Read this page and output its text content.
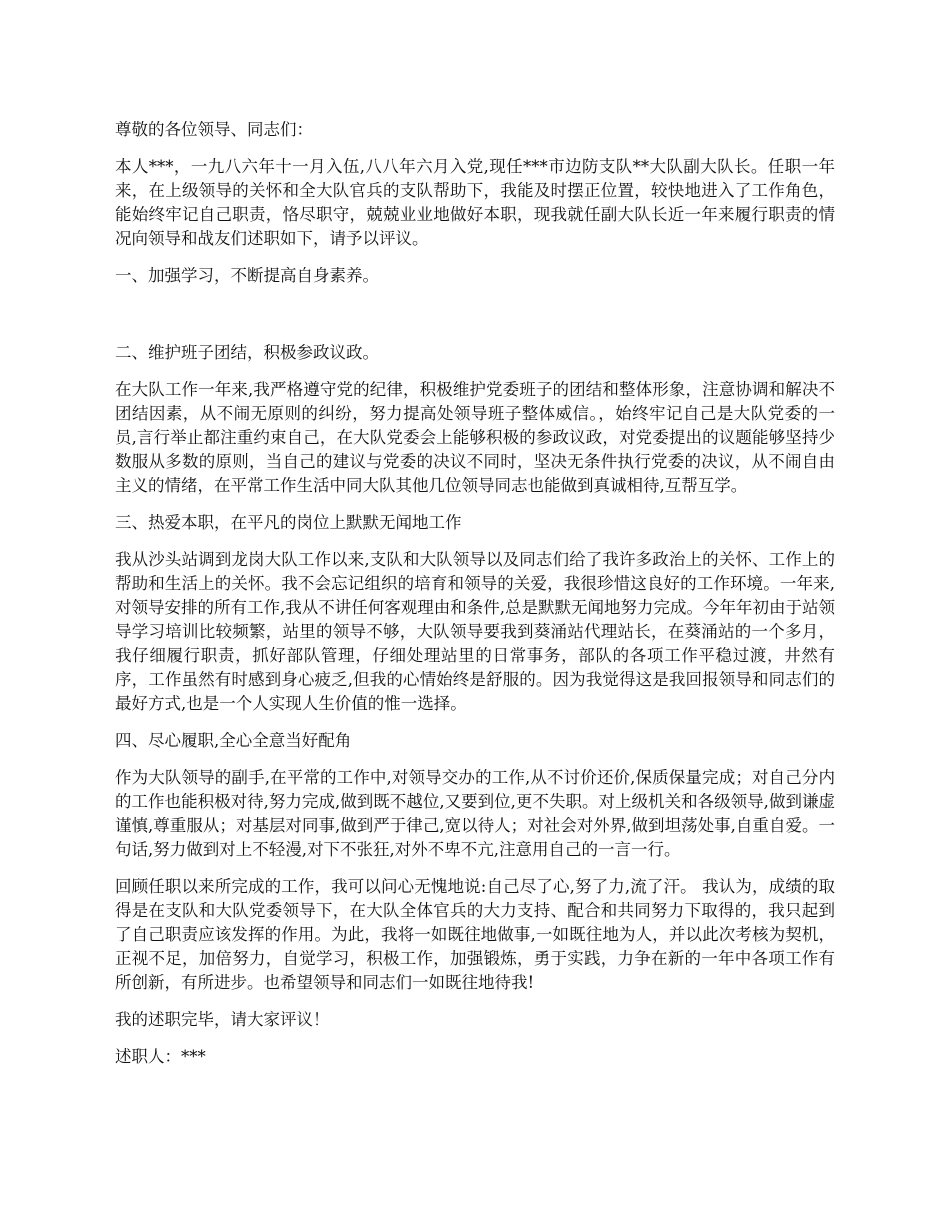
尊敬的各位领导、同志们：

本人***，一九八六年十一月入伍,八八年六月入党,现任***市边防支队**大队副大队长。任职一年来，在上级领导的关怀和全大队官兵的支队帮助下，我能及时摆正位置，较快地进入了工作角色，能始终牢记自己职责，恪尽职守，兢兢业业地做好本职，现我就任副大队长近一年来履行职责的情况向领导和战友们述职如下，请予以评议。

一、加强学习，不断提高自身素养。

二、维护班子团结，积极参政议政。

在大队工作一年来,我严格遵守党的纪律，积极维护党委班子的团结和整体形象，注意协调和解决不团结因素，从不闹无原则的纠纷，努力提高处领导班子整体威信。，始终牢记自己是大队党委的一员,言行举止都注重约束自己，在大队党委会上能够积极的参政议政，对党委提出的议题能够坚持少数服从多数的原则，当自己的建议与党委的决议不同时，坚决无条件执行党委的决议，从不闹自由主义的情绪，在平常工作生活中同大队其他几位领导同志也能做到真诚相待,互帮互学。

三、热爱本职，在平凡的岗位上默默无闻地工作

我从沙头站调到龙岗大队工作以来,支队和大队领导以及同志们给了我许多政治上的关怀、工作上的帮助和生活上的关怀。我不会忘记组织的培育和领导的关爱，我很珍惜这良好的工作环境。一年来,对领导安排的所有工作,我从不讲任何客观理由和条件,总是默默无闻地努力完成。今年年初由于站领导学习培训比较频繁，站里的领导不够，大队领导要我到葵涌站代理站长，在葵涌站的一个多月，我仔细履行职责，抓好部队管理，仔细处理站里的日常事务，部队的各项工作平稳过渡，井然有序，工作虽然有时感到身心疲乏,但我的心情始终是舒服的。因为我觉得这是我回报领导和同志们的最好方式,也是一个人实现人生价值的惟一选择。

四、尽心履职,全心全意当好配角

作为大队领导的副手,在平常的工作中,对领导交办的工作,从不讨价还价,保质保量完成；对自己分内的工作也能积极对待,努力完成,做到既不越位,又要到位,更不失职。对上级机关和各级领导,做到谦虚谨慎,尊重服从；对基层对同事,做到严于律己,宽以待人；对社会对外界,做到坦荡处事,自重自爱。一句话,努力做到对上不轻漫,对下不张狂,对外不卑不亢,注意用自己的一言一行。

回顾任职以来所完成的工作，我可以问心无愧地说:自己尽了心,努了力,流了汗。 我认为，成绩的取得是在支队和大队党委领导下，在大队全体官兵的大力支持、配合和共同努力下取得的，我只起到了自己职责应该发挥的作用。为此，我将一如既往地做事,一如既往地为人，并以此次考核为契机，正视不足，加倍努力，自觉学习，积极工作，加强锻炼，勇于实践，力争在新的一年中各项工作有所创新，有所进步。也希望领导和同志们一如既往地待我!

我的述职完毕，请大家评议！

述职人：***
